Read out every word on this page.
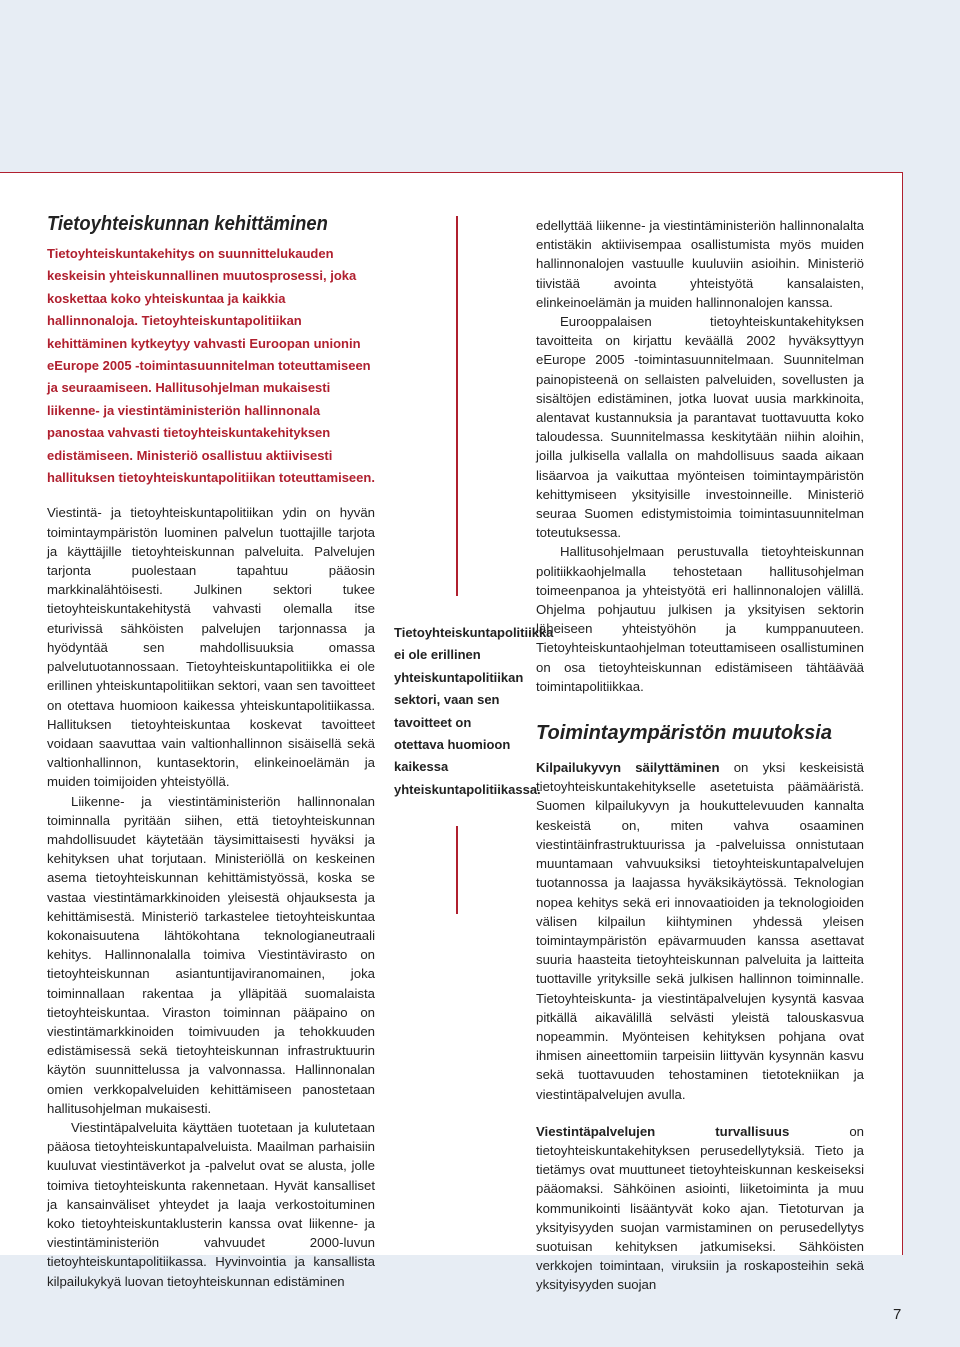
Tietoyhteiskunnan kehittäminen

Tietoyhteiskuntakehitys on suunnittelukauden keskeisin yhteiskunnallinen muutosprosessi, joka koskettaa koko yhteiskuntaa ja kaikkia hallinnonaloja. Tietoyhteiskuntapolitiikan kehittäminen kytkeytyy vahvasti Euroopan unionin eEurope 2005 -toimintasuunnitelman toteuttamiseen ja seuraamiseen. Hallitusohjelman mukaisesti liikenne- ja viestintäministeriön hallinnonala panostaa vahvasti tietoyhteiskuntakehityksen edistämiseen. Ministeriö osallistuu aktiivisesti hallituksen tietoyhteiskuntapolitiikan toteuttamiseen.

Viestintä- ja tietoyhteiskuntapolitiikan ydin on hyvän toimintaympäristön luominen palvelun tuottajille tarjota ja käyttäjille tietoyhteiskunnan palveluita. Palvelujen tarjonta puolestaan tapahtuu pääosin markkinalähtöisesti. Julkinen sektori tukee tietoyhteiskuntakehitystä vahvasti olemalla itse eturivissä sähköisten palvelujen tarjonnassa ja hyödyntää sen mahdollisuuksia omassa palvelutuotannossaan. Tietoyhteiskuntapolitiikka ei ole erillinen yhteiskuntapolitiikan sektori, vaan sen tavoitteet on otettava huomioon kaikessa yhteiskuntapolitiikassa. Hallituksen tietoyhteiskuntaa koskevat tavoitteet voidaan saavuttaa vain valtionhallinnon sisäisellä sekä valtionhallinnon, kuntasektorin, elinkeinoelämän ja muiden toimijoiden yhteistyöllä.

Liikenne- ja viestintäministeriön hallinnonalan toiminnalla pyritään siihen, että tietoyhteiskunnan mahdollisuudet käytetään täysimittaisesti hyväksi ja kehityksen uhat torjutaan. Ministeriöllä on keskeinen asema tietoyhteiskunnan kehittämistyössä, koska se vastaa viestintämarkkinoiden yleisestä ohjauksesta ja kehittämisestä. Ministeriö tarkastelee tietoyhteiskuntaa kokonaisuutena lähtökohtana teknologianeutraali kehitys. Hallinnonalalla toimiva Viestintävirasto on tietoyhteiskunnan asiantuntijaviranomainen, joka toiminnallaan rakentaa ja ylläpitää suomalaista tietoyhteiskuntaa. Viraston toiminnan pääpaino on viestintämarkkinoiden toimivuuden ja tehokkuuden edistämisessä sekä tietoyhteiskunnan infrastruktuurin käytön suunnittelussa ja valvonnassa. Hallinnonalan omien verkkopalveluiden kehittämiseen panostetaan hallitusohjelman mukaisesti.

Viestintäpalveluita käyttäen tuotetaan ja kulutetaan pääosa tietoyhteiskuntapalveluista. Maailman parhaisiin kuuluvat viestintäverkot ja -palvelut ovat se alusta, jolle toimiva tietoyhteiskunta rakennetaan. Hyvät kansalliset ja kansainväliset yhteydet ja laaja verkostoituminen koko tietoyhteiskuntaklusterin kanssa ovat liikenne- ja viestintäministeriön vahvuudet 2000-luvun tietoyhteiskuntapolitiikassa. Hyvinvointia ja kansallista kilpailukykyä luovan tietoyhteiskunnan edistäminen

Tietoyhteiskuntapolitiikka ei ole erillinen yhteiskuntapolitiikan sektori, vaan sen tavoitteet on otettava huomioon kaikessa yhteiskuntapolitiikassa.

edellyttää liikenne- ja viestintäministeriön hallinnonalalta entistäkin aktiivisempaa osallistumista myös muiden hallinnonalojen vastuulle kuuluviin asioihin. Ministeriö tiivistää avointa yhteistyötä kansalaisten, elinkeinoelämän ja muiden hallinnonalojen kanssa.

Eurooppalaisen tietoyhteiskuntakehityksen tavoitteita on kirjattu keväällä 2002 hyväksyttyyn eEurope 2005 -toimintasuunnitelmaan. Suunnitelman painopisteenä on sellaisten palveluiden, sovellusten ja sisältöjen edistäminen, jotka luovat uusia markkinoita, alentavat kustannuksia ja parantavat tuottavuutta koko taloudessa. Suunnitelmassa keskitytään niihin aloihin, joilla julkisella vallalla on mahdollisuus saada aikaan lisäarvoa ja vaikuttaa myönteisen toimintaympäristön kehittymiseen yksityisille investoinneille. Ministeriö seuraa Suomen edistymistoimia toimintasuunnitelman toteutuksessa.

Hallitusohjelmaan perustuvalla tietoyhteiskunnan politiikkaohjelmalla tehostetaan hallitusohjelman toimeenpanoa ja yhteistyötä eri hallinnonalojen välillä. Ohjelma pohjautuu julkisen ja yksityisen sektorin läheiseen yhteistyöhön ja kumppanuuteen. Tietoyhteiskuntaohjelman toteuttamiseen osallistuminen on osa tietoyhteiskunnan edistämiseen tähtäävää toimintapolitiikkaa.

Toimintaympäristön muutoksia

Kilpailukyvyn säilyttäminen on yksi keskeisistä tietoyhteiskuntakehitykselle asetetuista päämääristä. Suomen kilpailukyvyn ja houkuttelevuuden kannalta keskeistä on, miten vahva osaaminen viestintäinfrastruktuurissa ja -palveluissa onnistutaan muuntamaan vahvuuksiksi tietoyhteiskuntapalvelujen tuotannossa ja laajassa hyväksikäytössä. Teknologian nopea kehitys sekä eri innovaatioiden ja teknologioiden välisen kilpailun kiihtyminen yhdessä yleisen toimintaympäristön epävarmuuden kanssa asettavat suuria haasteita tietoyhteiskunnan palveluita ja laitteita tuottaville yrityksille sekä julkisen hallinnon toiminnalle. Tietoyhteiskunta- ja viestintäpalvelujen kysyntä kasvaa pitkällä aikavälillä selvästi yleistä talouskasvua nopeammin. Myönteisen kehityksen pohjana ovat ihmisen aineettomiin tarpeisiin liittyvän kysynnän kasvu sekä tuottavuuden tehostaminen tietotekniikan ja viestintäpalvelujen avulla.

Viestintäpalvelujen turvallisuus on tietoyhteiskuntakehityksen perusedellytyksiä. Tieto ja tietämys ovat muuttuneet tietoyhteiskunnan keskeiseksi pääomaksi. Sähköinen asiointi, liiketoiminta ja muu kommunikointi lisääntyvät koko ajan. Tietoturvan ja yksityisyyden suojan varmistaminen on perusedellytys suotuisan kehityksen jatkumiseksi. Sähköisten verkkojen toimintaan, viruksiin ja roskaposteihin sekä yksityisyyden suojan

7
